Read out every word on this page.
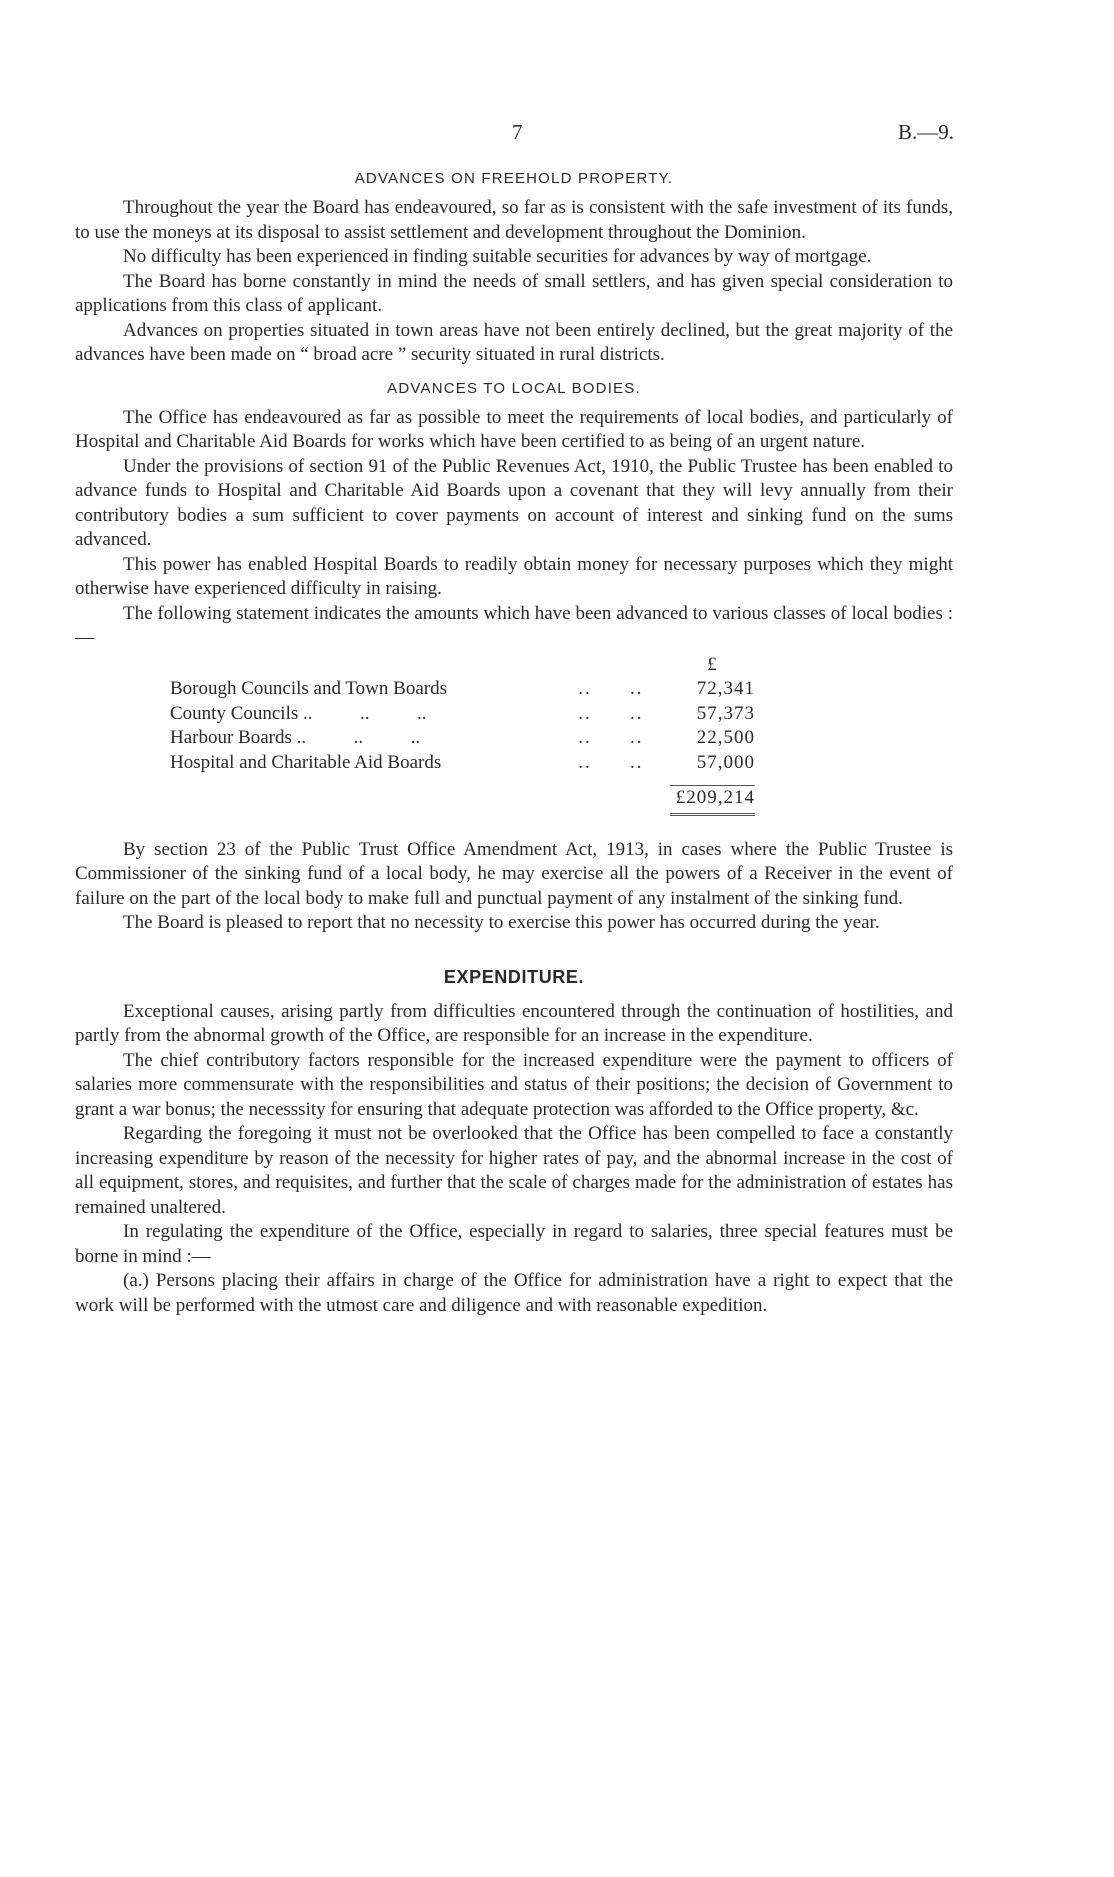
7	B.—9.
ADVANCES ON FREEHOLD PROPERTY.

Throughout the year the Board has endeavoured, so far as is consistent with the safe investment of its funds, to use the moneys at its disposal to assist settlement and development throughout the Dominion.

No difficulty has been experienced in finding suitable securities for advances by way of mortgage.

The Board has borne constantly in mind the needs of small settlers, and has given special consideration to applications from this class of applicant.

Advances on properties situated in town areas have not been entirely declined, but the great majority of the advances have been made on “ broad acre ” security situated in rural districts.

ADVANCES TO LOCAL BODIES.

The Office has endeavoured as far as possible to meet the requirements of local bodies, and particularly of Hospital and Charitable Aid Boards for works which have been certified to as being of an urgent nature.

Under the provisions of section 91 of the Public Revenues Act, 1910, the Public Trustee has been enabled to advance funds to Hospital and Charitable Aid Boards upon a covenant that they will levy annually from their contributory bodies a sum sufficient to cover payments on account of interest and sinking fund on the sums advanced.

This power has enabled Hospital Boards to readily obtain money for necessary purposes which they might otherwise have experienced difficulty in raising.

The following statement indicates the amounts which have been advanced to various classes of local bodies :—

			£
Borough Councils and Town Boards	..	..	72,341
County Councils ..          ..          ..	..	..	57,373
Harbour Boards ..          ..          ..	..	..	22,500
Hospital and Charitable Aid Boards	..	..	57,000

			£209,214

By section 23 of the Public Trust Office Amendment Act, 1913, in cases where the Public Trustee is Commissioner of the sinking fund of a local body, he may exercise all the powers of a Receiver in the event of failure on the part of the local body to make full and punctual payment of any instalment of the sinking fund.

The Board is pleased to report that no necessity to exercise this power has occurred during the year.

EXPENDITURE.

Exceptional causes, arising partly from difficulties encountered through the continuation of hostilities, and partly from the abnormal growth of the Office, are responsible for an increase in the expenditure.

The chief contributory factors responsible for the increased expenditure were the payment to officers of salaries more commensurate with the responsibilities and status of their positions; the decision of Government to grant a war bonus; the necesssity for ensuring that adequate protection was afforded to the Office property, &c.

Regarding the foregoing it must not be overlooked that the Office has been compelled to face a constantly increasing expenditure by reason of the necessity for higher rates of pay, and the abnormal increase in the cost of all equipment, stores, and requisites, and further that the scale of charges made for the administration of estates has remained unaltered.

In regulating the expenditure of the Office, especially in regard to salaries, three special features must be borne in mind :—

(a.) Persons placing their affairs in charge of the Office for administration have a right to expect that the work will be performed with the utmost care and diligence and with reasonable expedition.
